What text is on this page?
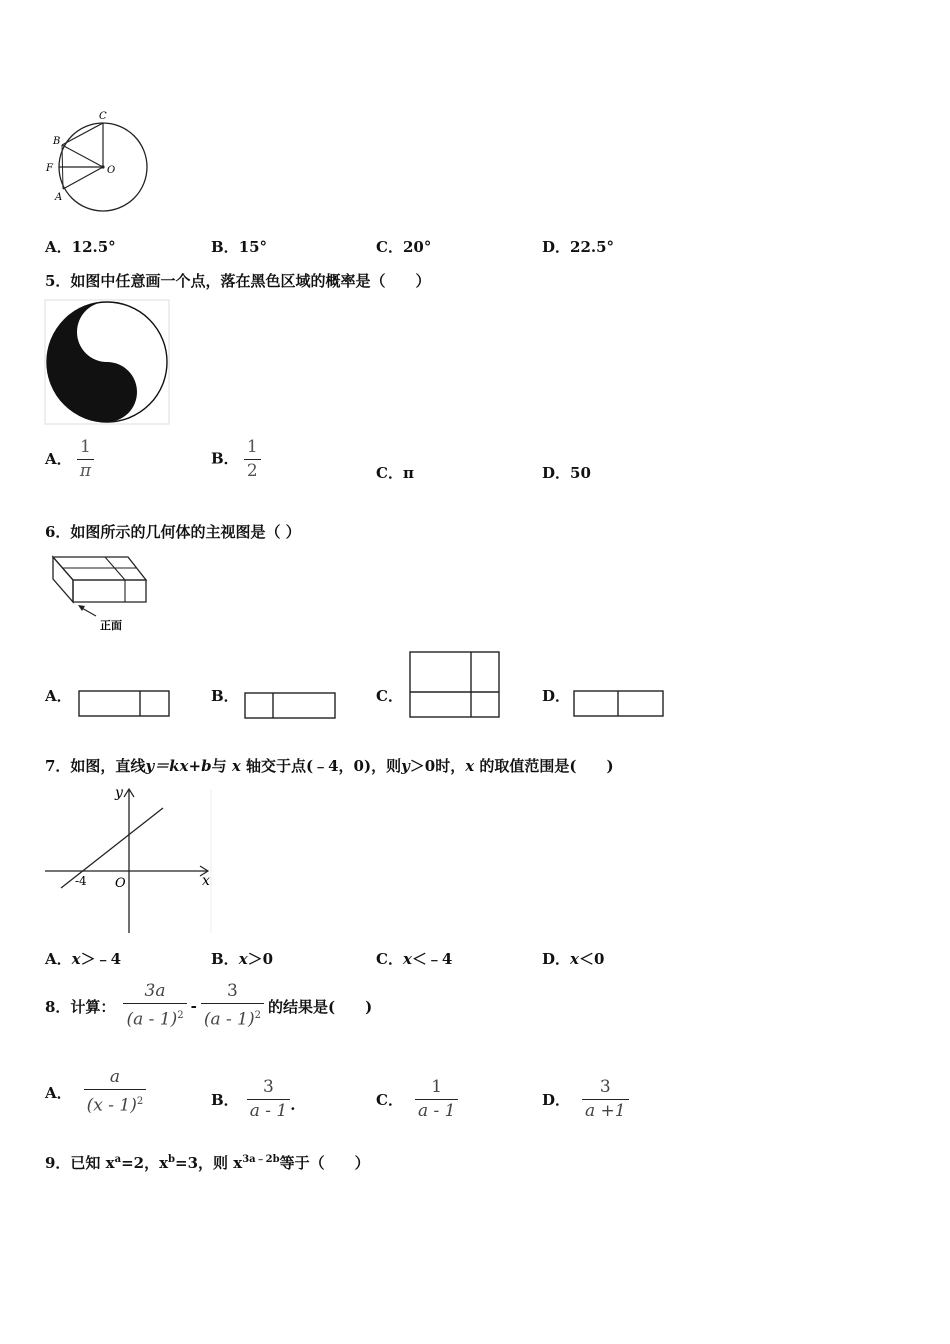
C
B
F	O
A
A．12.5°	B．15°	C．20°	D．22.5°
5．如图中任意画一个点，落在黑色区域的概率是（　　）
A． $\frac{1}{\pi}$	B． $\frac{1}{2}$	C．π	D．50
6．如图所示的几何体的主视图是（ ）
正面
A．	B．	C．	D．
7．如图，直线y＝kx+b与 x 轴交于点(﹣4，0)，则y＞0时，x 的取值范围是(　　)
y
x
O
-4
A．x＞﹣4	B．x＞0	C．x＜﹣4	D．x＜0
8．计算： $\frac{3a}{(a - 1)^2} - \frac{3}{(a - 1)^2}$ 的结果是(　　)
A． $\frac{a}{(x - 1)^2}$	B． $\frac{3}{a - 1}$ .	C． $\frac{1}{a - 1}$	D． $\frac{3}{a +1}$
9．已知 $x^a=2$，$x^b=3$，则 $x^{3a﹣2b}$等于（　　）
